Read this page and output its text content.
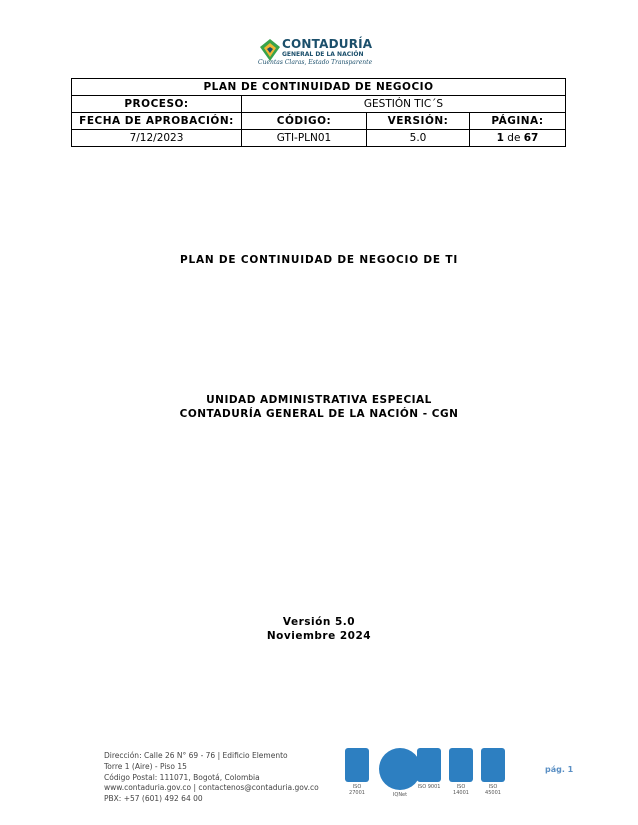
CONTADURÍA
GENERAL DE LA NACIÓN
Cuentas Claras, Estado Transparente
PLAN DE CONTINUIDAD DE NEGOCIO			
PROCESO:	GESTIÓN TIC´S		
FECHA DE APROBACIÓN:	CÓDIGO:	VERSIÓN:	PÁGINA:
7/12/2023	GTI-PLN01	5.0	1 de 67
PLAN DE CONTINUIDAD DE NEGOCIO DE TI
UNIDAD ADMINISTRATIVA ESPECIAL
CONTADURÍA GENERAL DE LA NACIÓN - CGN
Versión 5.0
Noviembre 2024
Dirección: Calle 26 N° 69 - 76 | Edificio Elemento
Torre 1 (Aire) - Piso 15
Código Postal: 111071, Bogotá, Colombia
www.contaduria.gov.co | contactenos@contaduria.gov.co
PBX: +57 (601) 492 64 00
ISO 27001	IQNet
ISO 9001	ISO 14001
ISO 45001
pág. 1
